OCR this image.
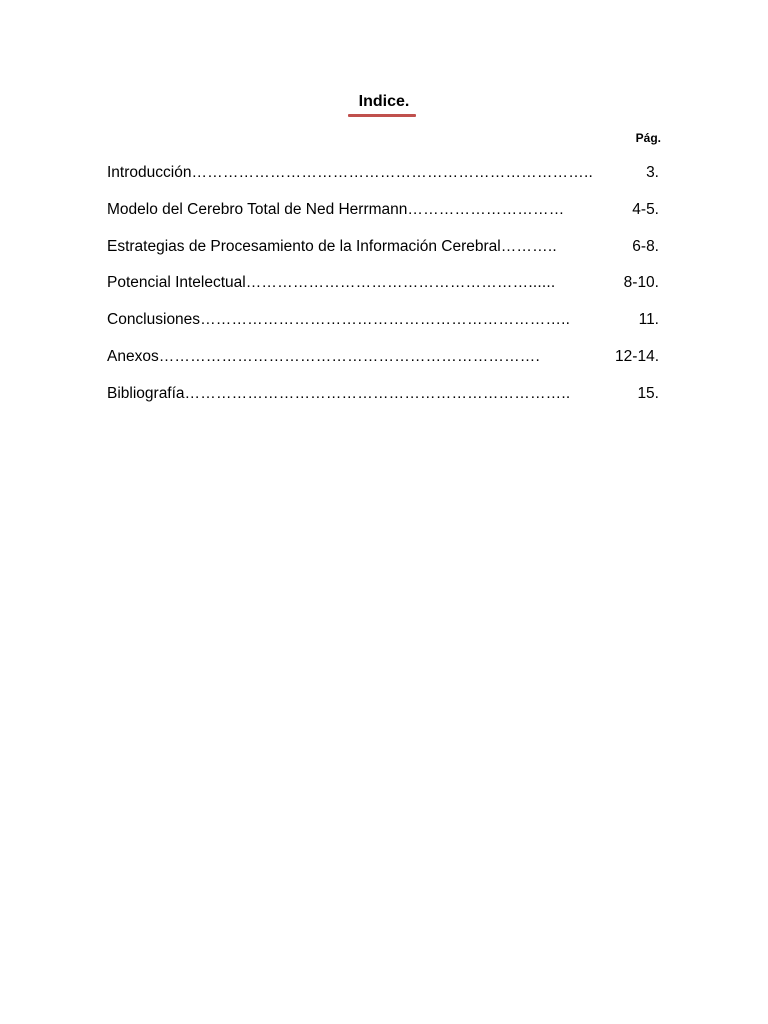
Indice.
Pág.
Introducción …………………………………………………………………..	3.
Modelo del Cerebro Total de Ned Herrmann …………………………	4-5.
Estrategias de Procesamiento de la Información Cerebral ………..	6-8.
Potencial Intelectual ………………………………………………......	8-10.
Conclusiones ……………………………………………………………..	11.
Anexos ……………………………………………………………….	12-14.
Bibliografía ………………………………………………………………..	15.
